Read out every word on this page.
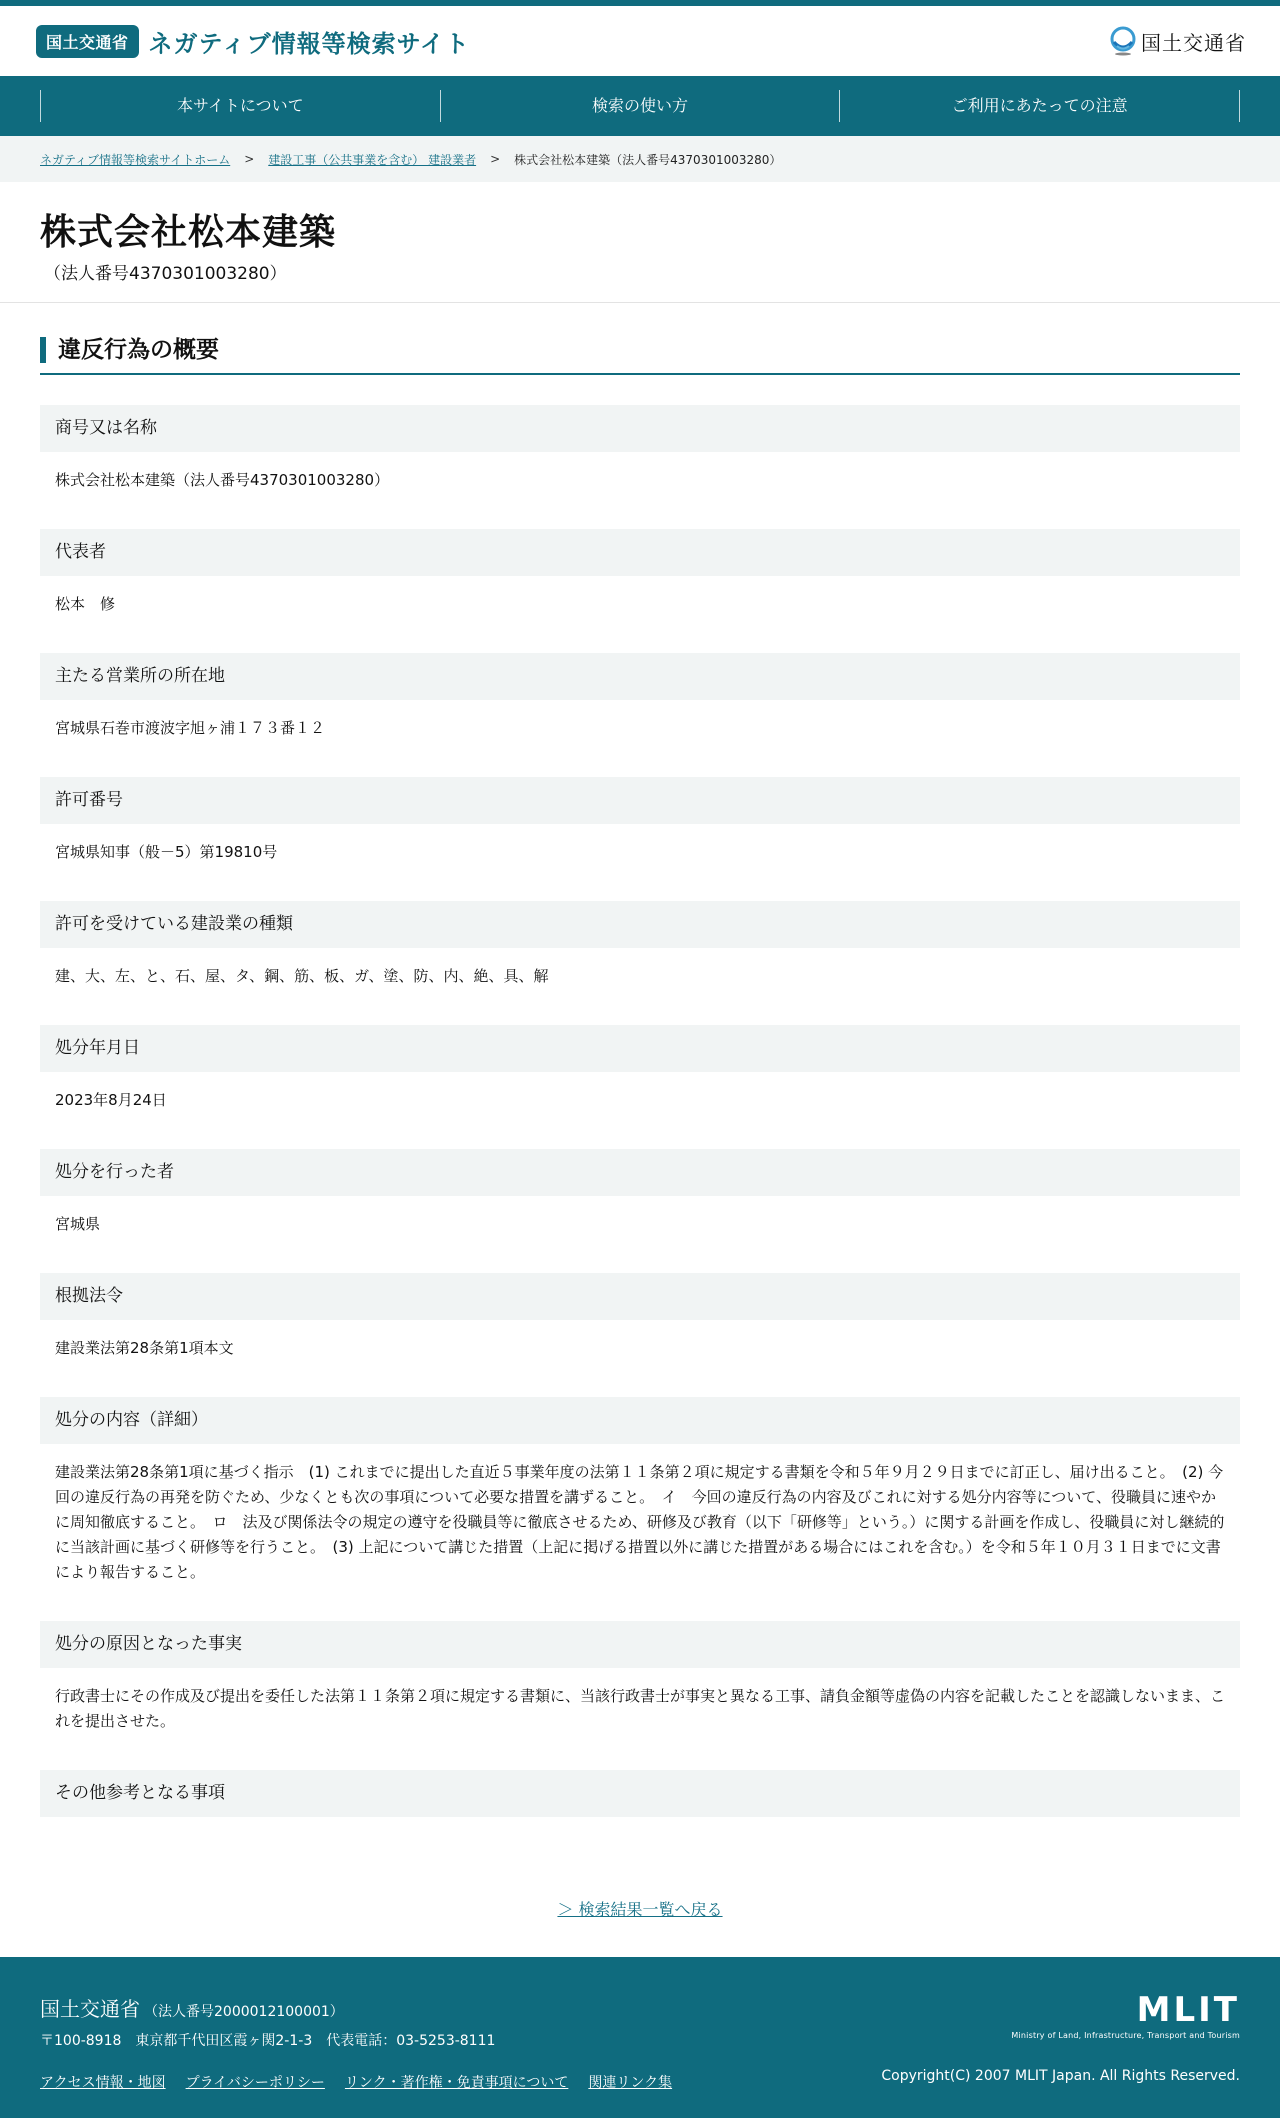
国土交通省 ネガティブ情報等検索サイト	国土交通省
本サイトについて	検索の使い方	ご利用にあたっての注意
ネガティブ情報等検索サイトホーム > 建設工事（公共事業を含む） 建設業者 > 株式会社松本建築（法人番号4370301003280）
株式会社松本建築
（法人番号4370301003280）
違反行為の概要
商号又は名称
株式会社松本建築（法人番号4370301003280）
代表者
松本　修
主たる営業所の所在地
宮城県石巻市渡波字旭ヶ浦１７３番１２
許可番号
宮城県知事（般－5）第19810号
許可を受けている建設業の種類
建、大、左、と、石、屋、タ、鋼、筋、板、ガ、塗、防、内、絶、具、解
処分年月日
2023年8月24日
処分を行った者
宮城県
根拠法令
建設業法第28条第1項本文
処分の内容（詳細）
建設業法第28条第1項に基づく指示　(1) これまでに提出した直近５事業年度の法第１１条第２項に規定する書類を令和５年９月２９日までに訂正し、届け出ること。　(2) 今回の違反行為の再発を防ぐため、少なくとも次の事項について必要な措置を講ずること。　イ　今回の違反行為の内容及びこれに対する処分内容等について、役職員に速やかに周知徹底すること。　ロ　法及び関係法令の規定の遵守を役職員等に徹底させるため、研修及び教育（以下「研修等」という。）に関する計画を作成し、役職員に対し継続的に当該計画に基づく研修等を行うこと。　(3) 上記について講じた措置（上記に掲げる措置以外に講じた措置がある場合にはこれを含む。）を令和５年１０月３１日までに文書により報告すること。
処分の原因となった事実
行政書士にその作成及び提出を委任した法第１１条第２項に規定する書類に、当該行政書士が事実と異なる工事、請負金額等虚偽の内容を記載したことを認識しないまま、これを提出させた。
その他参考となる事項
＞ 検索結果一覧へ戻る
国土交通省 （法人番号2000012100001）
〒100-8918　東京都千代田区霞ヶ関2-1-3　代表電話：03-5253-8111
アクセス情報・地図 プライバシーポリシー リンク・著作権・免責事項について 関連リンク集
MLIT
Ministry of Land, Infrastructure, Transport and Tourism
Copyright(C) 2007 MLIT Japan. All Rights Reserved.
